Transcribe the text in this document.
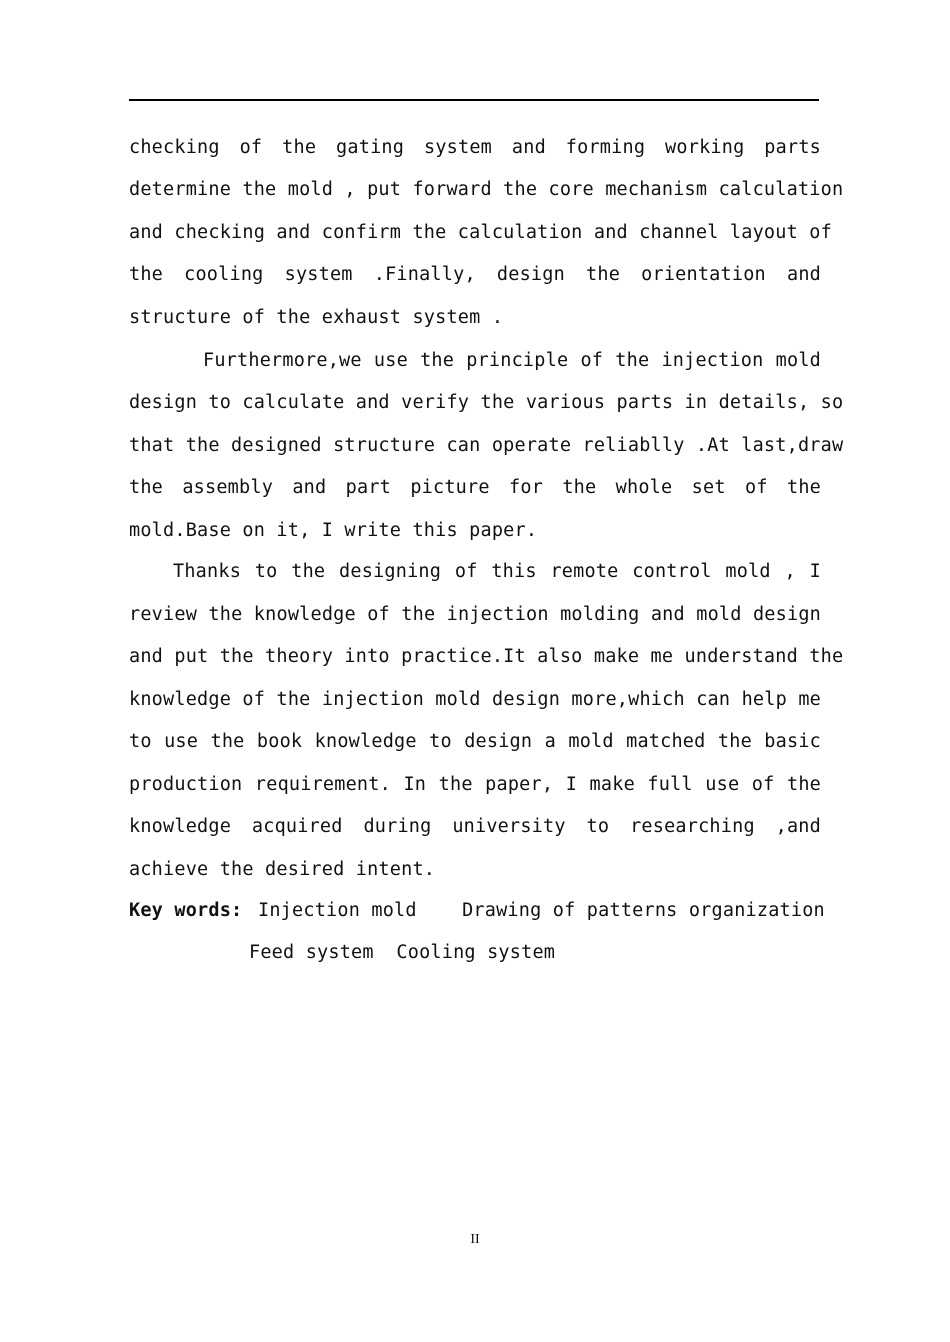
checking of the gating system and forming working parts
determine the mold , put forward the core mechanism calculation
and checking and confirm the calculation and channel layout of
the cooling system .Finally, design the orientation and
structure of the exhaust system .
Furthermore,we use the principle of the injection mold
design to calculate and verify the various parts in details, so
that the designed structure can operate reliablly .At last,draw
the assembly and part picture for the whole set of the
mold.Base on it, I write this paper.
Thanks to the designing of this remote control mold , I
review the knowledge of the injection molding and mold design
and put the theory into practice.It also make me understand the
knowledge of the injection mold design more,which can help me
to use the book knowledge to design a mold matched the basic
production requirement. In the paper, I make full use of the
knowledge acquired during university to researching ,and
achieve the desired intent.
Key words: Injection mold    Drawing of patterns organization
Feed system  Cooling system
II
